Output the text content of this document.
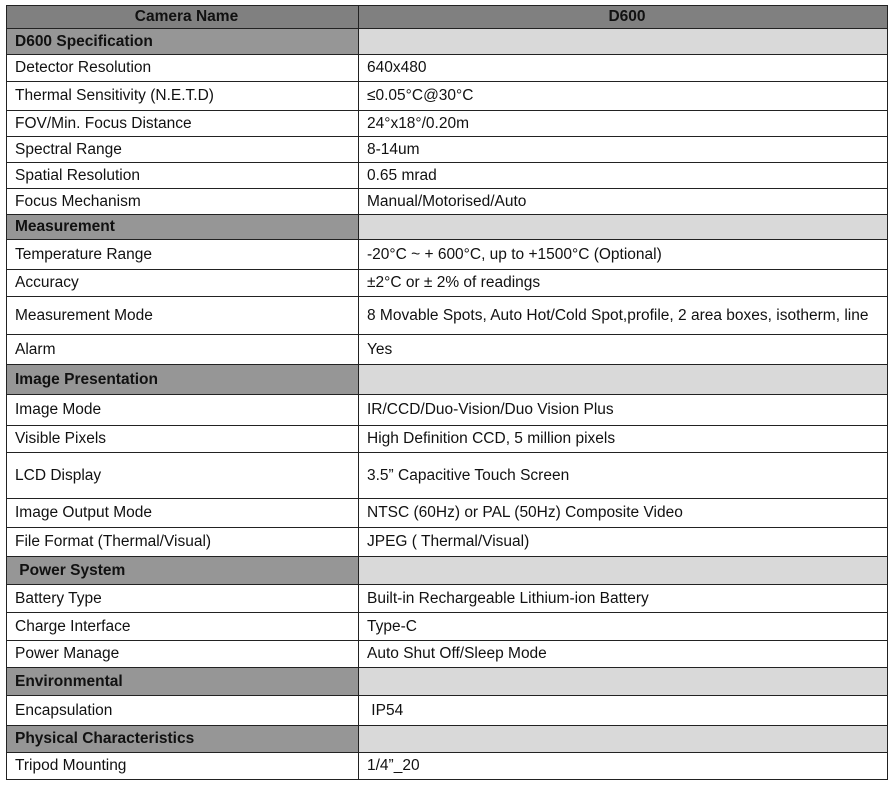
Camera Name	D600
D600 Specification	
Detector Resolution	640x480
Thermal Sensitivity (N.E.T.D)	≤0.05°C@30°C
FOV/Min. Focus Distance	24°x18°/0.20m
Spectral Range	8-14um
Spatial Resolution	0.65 mrad
Focus Mechanism	Manual/Motorised/Auto
Measurement	
Temperature Range	-20°C ~ + 600°C, up to +1500°C (Optional)
Accuracy	±2°C or ± 2% of readings
Measurement Mode	8 Movable Spots, Auto Hot/Cold Spot,profile, 2 area boxes, isotherm, line
Alarm	Yes
Image Presentation	
Image Mode	IR/CCD/Duo-Vision/Duo Vision Plus
Visible Pixels	High Definition CCD, 5 million pixels
LCD Display	3.5” Capacitive Touch Screen
Image Output Mode	NTSC (60Hz) or PAL (50Hz) Composite Video
File Format (Thermal/Visual)	JPEG ( Thermal/Visual)
Power System	
Battery Type	Built-in Rechargeable Lithium-ion Battery
Charge Interface	Type-C
Power Manage	Auto Shut Off/Sleep Mode
Environmental	
Encapsulation	IP54
Physical Characteristics	
Tripod Mounting	1/4”_20
